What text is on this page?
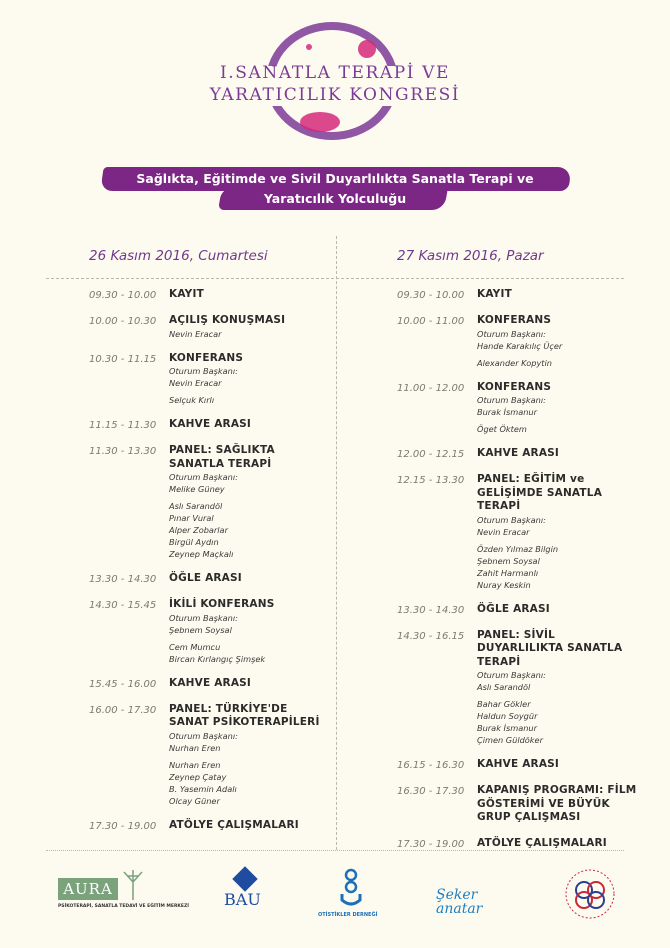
I.SANATLA TERAPİ VE
YARATICILIK KONGRESİ
Sağlıkta, Eğitimde ve Sivil Duyarlılıkta Sanatla Terapi ve
Yaratıcılık Yolculuğu
26 Kasım 2016, Cumartesi	27 Kasım 2016, Pazar
09.30 - 10.00	KAYIT
10.00 - 10.30	AÇILIŞ KONUŞMASI
Nevin Eracar
10.30 - 11.15	KONFERANS
Oturum Başkanı:
Nevin Eracar
Selçuk Kırlı
11.15 - 11.30	KAHVE ARASI
11.30 - 13.30	PANEL: SAĞLIKTA SANATLA TERAPİ
Oturum Başkanı:
Melike Güney
Aslı Sarandöl
Pınar Vural
Alper Zobarlar
Birgül Aydın
Zeynep Maçkalı
13.30 - 14.30	ÖĞLE ARASI
14.30 - 15.45	İKİLİ KONFERANS
Oturum Başkanı:
Şebnem Soysal
Cem Mumcu
Bircan Kırlangıç Şimşek
15.45 - 16.00	KAHVE ARASI
16.00 - 17.30	PANEL: TÜRKİYE'DE SANAT PSİKOTERAPİLERİ
Oturum Başkanı:
Nurhan Eren
Nurhan Eren
Zeynep Çatay
B. Yasemin Adalı
Olcay Güner
17.30 - 19.00	ATÖLYE ÇALIŞMALARI
09.30 - 10.00	KAYIT
10.00 - 11.00	KONFERANS
Oturum Başkanı:
Hande Karakılıç Üçer
Alexander Kopytin
11.00 - 12.00	KONFERANS
Oturum Başkanı:
Burak İsmanur
Öget Öktem
12.00 - 12.15	KAHVE ARASI
12.15 - 13.30	PANEL: EĞİTİM ve GELİŞİMDE SANATLA TERAPİ
Oturum Başkanı:
Nevin Eracar
Özden Yılmaz Bilgin
Şebnem Soysal
Zahit Harmanlı
Nuray Keskin
13.30 - 14.30	ÖĞLE ARASI
14.30 - 16.15	PANEL: SİVİL DUYARLILIKTA SANATLA TERAPİ
Oturum Başkanı:
Aslı Sarandöl
Bahar Gökler
Haldun Soygür
Burak İsmanur
Çimen Güldöker
16.15 - 16.30	KAHVE ARASI
16.30 - 17.30	KAPANIŞ PROGRAMI: FİLM GÖSTERİMİ VE BÜYÜK GRUP ÇALIŞMASI
17.30 - 19.00	ATÖLYE ÇALIŞMALARI
AURA
PSİKOTERAPİ, SANATLA TEDAVİ VE EĞİTİM MERKEZİ BAU
OTİSTİKLER DERNEĞİ
Şeker anatar
